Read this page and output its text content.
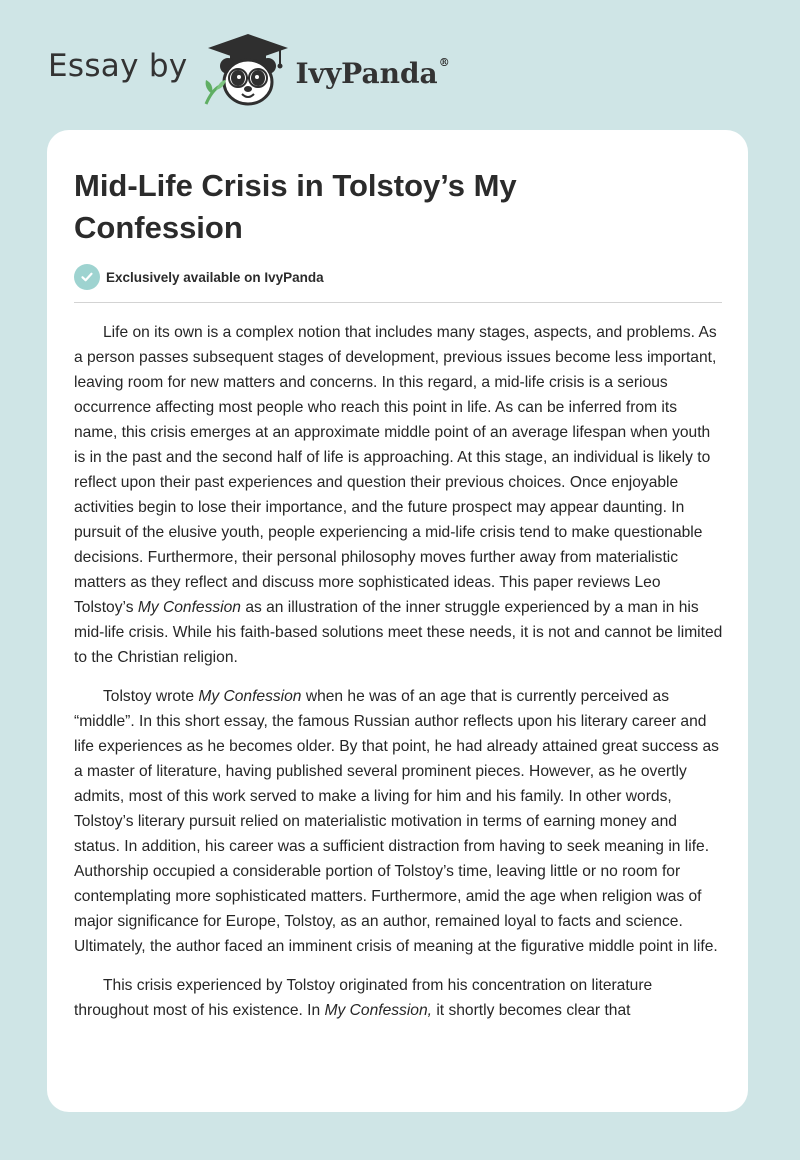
Essay by	IvyPanda®
Mid-Life Crisis in Tolstoy’s My Confession
Exclusively available on IvyPanda

Life on its own is a complex notion that includes many stages, aspects, and problems. As a person passes subsequent stages of development, previous issues become less important, leaving room for new matters and concerns. In this regard, a mid-life crisis is a serious occurrence affecting most people who reach this point in life. As can be inferred from its name, this crisis emerges at an approximate middle point of an average lifespan when youth is in the past and the second half of life is approaching. At this stage, an individual is likely to reflect upon their past experiences and question their previous choices. Once enjoyable activities begin to lose their importance, and the future prospect may appear daunting. In pursuit of the elusive youth, people experiencing a mid-life crisis tend to make questionable decisions. Furthermore, their personal philosophy moves further away from materialistic matters as they reflect and discuss more sophisticated ideas. This paper reviews Leo Tolstoy’s My Confession as an illustration of the inner struggle experienced by a man in his mid-life crisis. While his faith-based solutions meet these needs, it is not and cannot be limited to the Christian religion.

Tolstoy wrote My Confession when he was of an age that is currently perceived as “middle”. In this short essay, the famous Russian author reflects upon his literary career and life experiences as he becomes older. By that point, he had already attained great success as a master of literature, having published several prominent pieces. However, as he overtly admits, most of this work served to make a living for him and his family. In other words, Tolstoy’s literary pursuit relied on materialistic motivation in terms of earning money and status. In addition, his career was a sufficient distraction from having to seek meaning in life. Authorship occupied a considerable portion of Tolstoy’s time, leaving little or no room for contemplating more sophisticated matters. Furthermore, amid the age when religion was of major significance for Europe, Tolstoy, as an author, remained loyal to facts and science. Ultimately, the author faced an imminent crisis of meaning at the figurative middle point in life.

This crisis experienced by Tolstoy originated from his concentration on literature throughout most of his existence. In My Confession, it shortly becomes clear that
